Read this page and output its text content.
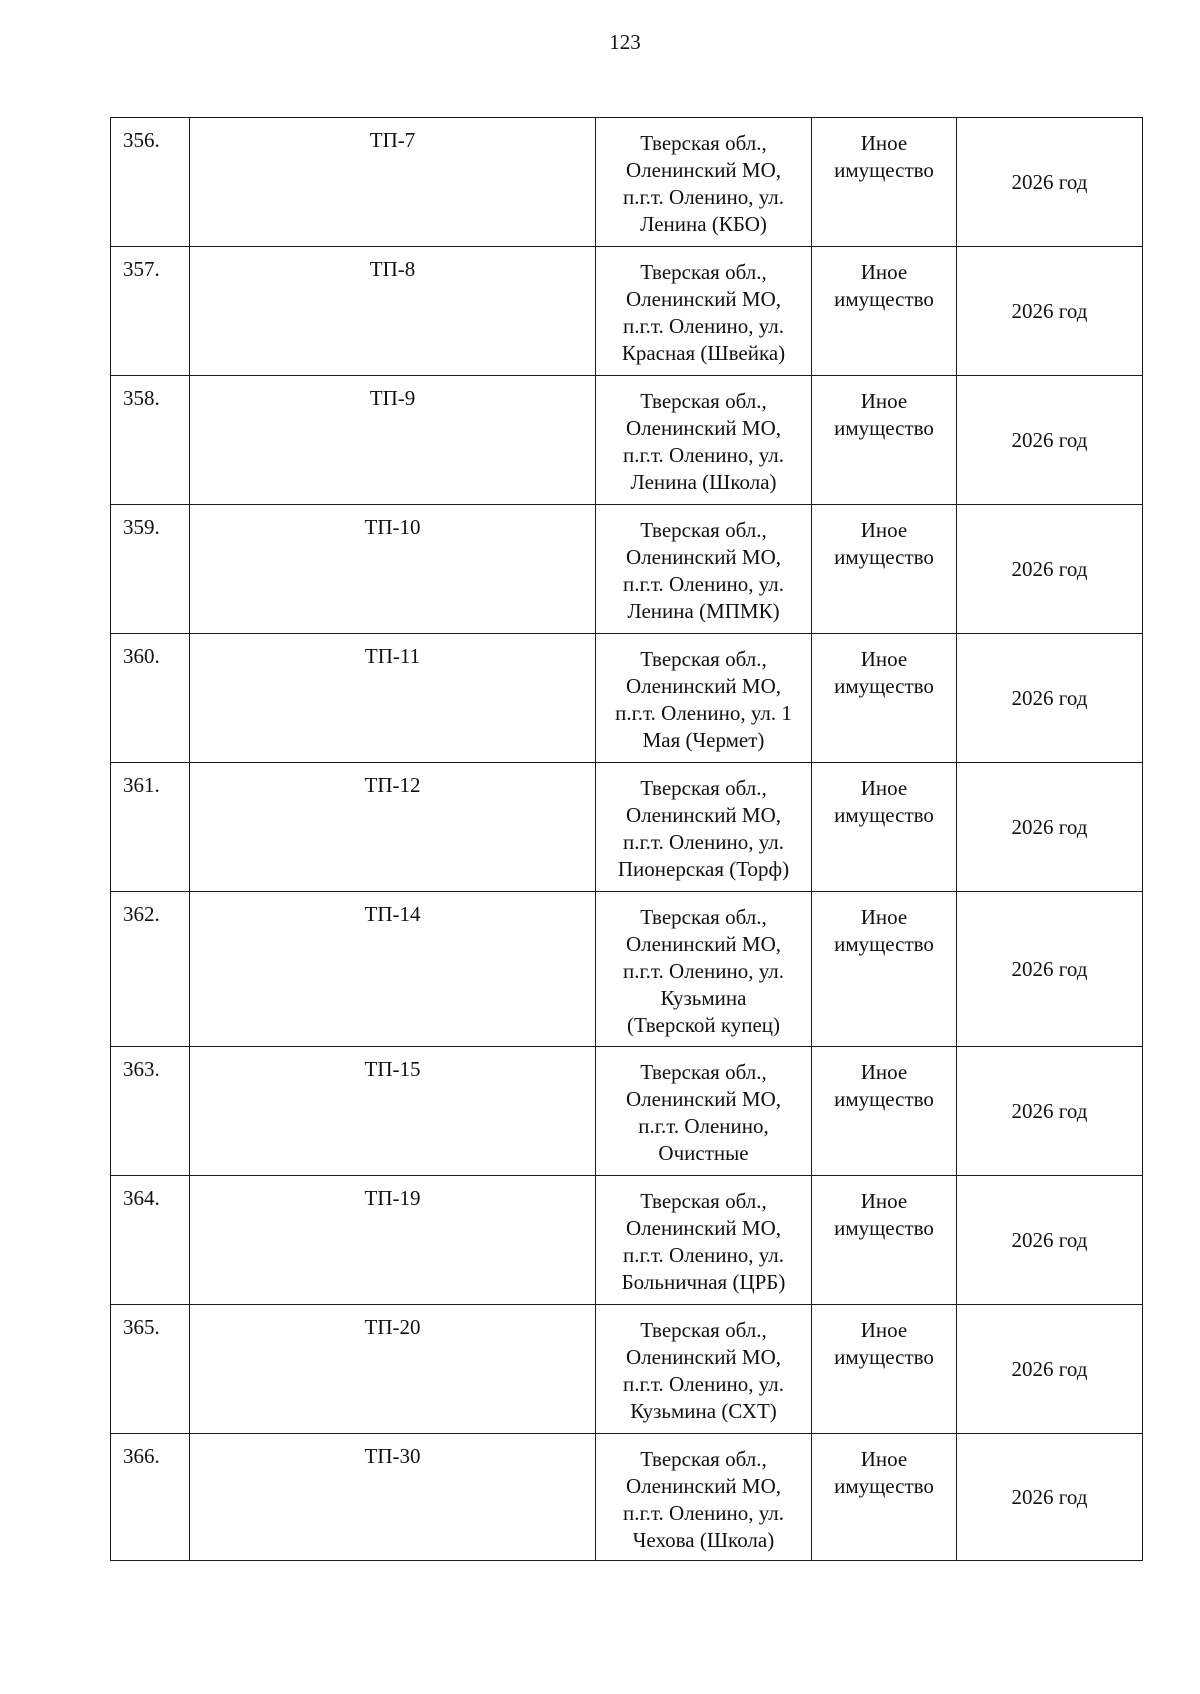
123
356.	ТП-7	Тверская обл.,
Оленинский МО,
п.г.т. Оленино, ул.
Ленина (КБО)	Иное
имущество	2026 год
357.	ТП-8	Тверская обл.,
Оленинский МО,
п.г.т. Оленино, ул.
Красная (Швейка)	Иное
имущество	2026 год
358.	ТП-9	Тверская обл.,
Оленинский МО,
п.г.т. Оленино, ул.
Ленина (Школа)	Иное
имущество	2026 год
359.	ТП-10	Тверская обл.,
Оленинский МО,
п.г.т. Оленино, ул.
Ленина (МПМК)	Иное
имущество	2026 год
360.	ТП-11	Тверская обл.,
Оленинский МО,
п.г.т. Оленино, ул. 1
Мая (Чермет)	Иное
имущество	2026 год
361.	ТП-12	Тверская обл.,
Оленинский МО,
п.г.т. Оленино, ул.
Пионерская (Торф)	Иное
имущество	2026 год
362.	ТП-14	Тверская обл.,
Оленинский МО,
п.г.т. Оленино, ул.
Кузьмина
(Тверской купец)	Иное
имущество	2026 год
363.	ТП-15	Тверская обл.,
Оленинский МО,
п.г.т. Оленино,
Очистные	Иное
имущество	2026 год
364.	ТП-19	Тверская обл.,
Оленинский МО,
п.г.т. Оленино, ул.
Больничная (ЦРБ)	Иное
имущество	2026 год
365.	ТП-20	Тверская обл.,
Оленинский МО,
п.г.т. Оленино, ул.
Кузьмина (СХТ)	Иное
имущество	2026 год
366.	ТП-30	Тверская обл.,
Оленинский МО,
п.г.т. Оленино, ул.
Чехова (Школа)	Иное
имущество	2026 год
